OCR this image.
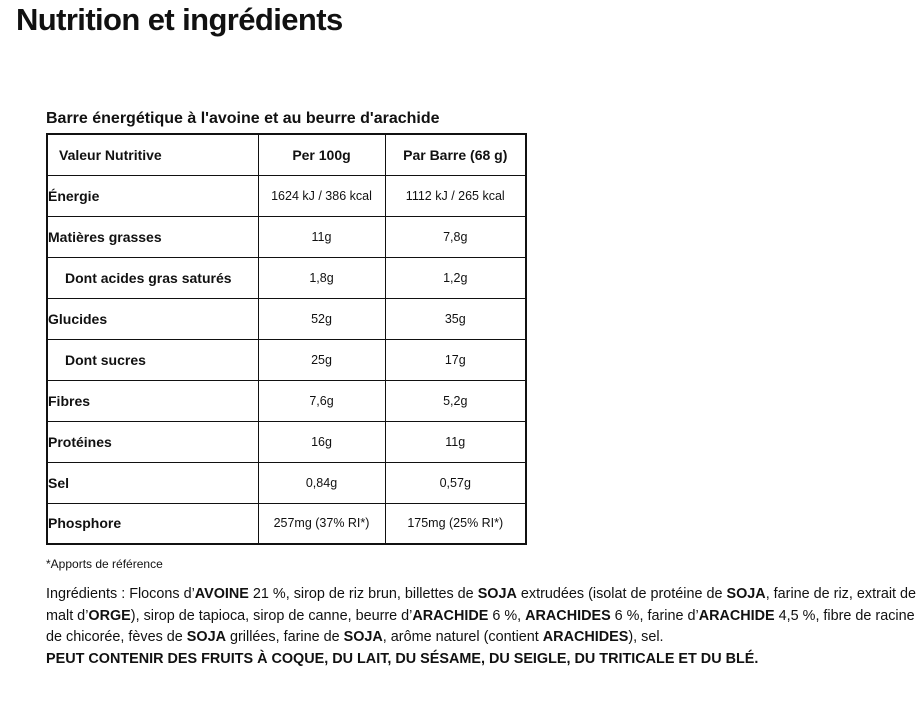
Nutrition et ingrédients
Barre énergétique à l'avoine et au beurre d'arachide
Valeur Nutritive	Per 100g	Par Barre (68 g)
Énergie	1624 kJ / 386 kcal	1112 kJ / 265 kcal
Matières grasses	11g	7,8g
Dont acides gras saturés	1,8g	1,2g
Glucides	52g	35g
Dont sucres	25g	17g
Fibres	7,6g	5,2g
Protéines	16g	11g
Sel	0,84g	0,57g
Phosphore	257mg (37% RI*)	175mg (25% RI*)
*Apports de référence
Ingrédients : Flocons d’AVOINE 21 %, sirop de riz brun, billettes de SOJA extrudées (isolat de protéine de SOJA, farine de riz, extrait de malt d’ORGE), sirop de tapioca, sirop de canne, beurre d’ARACHIDE 6 %, ARACHIDES 6 %, farine d’ARACHIDE 4,5 %, fibre de racine de chicorée, fèves de SOJA grillées, farine de SOJA, arôme naturel (contient ARACHIDES), sel.
PEUT CONTENIR DES FRUITS À COQUE, DU LAIT, DU SÉSAME, DU SEIGLE, DU TRITICALE ET DU BLÉ.
